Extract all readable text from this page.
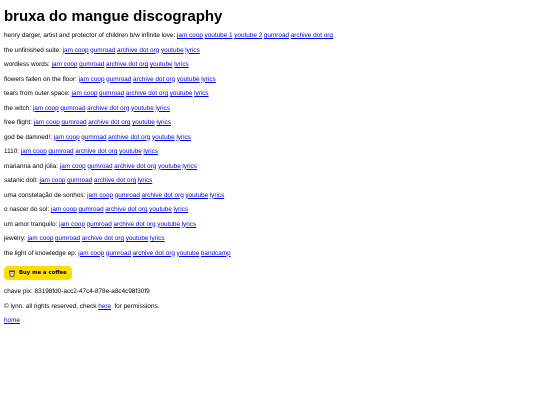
bruxa do mangue discography
henry darger, artist and protector of children b/w infinite love: jam coop youtube 1 youtube 2 gumroad archive dot org
the unfinished suite: jam coop gumroad archive dot org youtube lyrics
wordless words: jam coop gumroad archive dot org youtube lyrics
flowers fallen on the floor: jam coop gumroad archive dot org youtube lyrics
tears from outer space: jam coop gumroad archive dot org youtube lyrics
the witch: jam coop gumroad archive dot org youtube lyrics
free flight: jam coop gumroad archive dot org youtube lyrics
god be damned!: jam coop gumroad archive dot org youtube lyrics
1110: jam coop gumroad archive dot org youtube lyrics
marianna and júlia: jam coop gumroad archive dot org youtube lyrics
satanic doll: jam coop gumroad archive dot org lyrics
uma constelação de sonhos: jam coop gumroad archive dot org youtube lyrics
o nascer do sol: jam coop gumroad archive dot org youtube lyrics
um amor tranquilo: jam coop gumroad archive dot org youtube lyrics
jewelry: jam coop gumroad archive dot org youtube lyrics
the light of knowledge ep: jam coop gumroad archive dot org youtube bandcamp
Buy me a coffee
chave pix: 83198fd0-acc2-47c4-878e-a8c4c98f30f9
© lynn. all rights reserved. check here for permissions.
home
